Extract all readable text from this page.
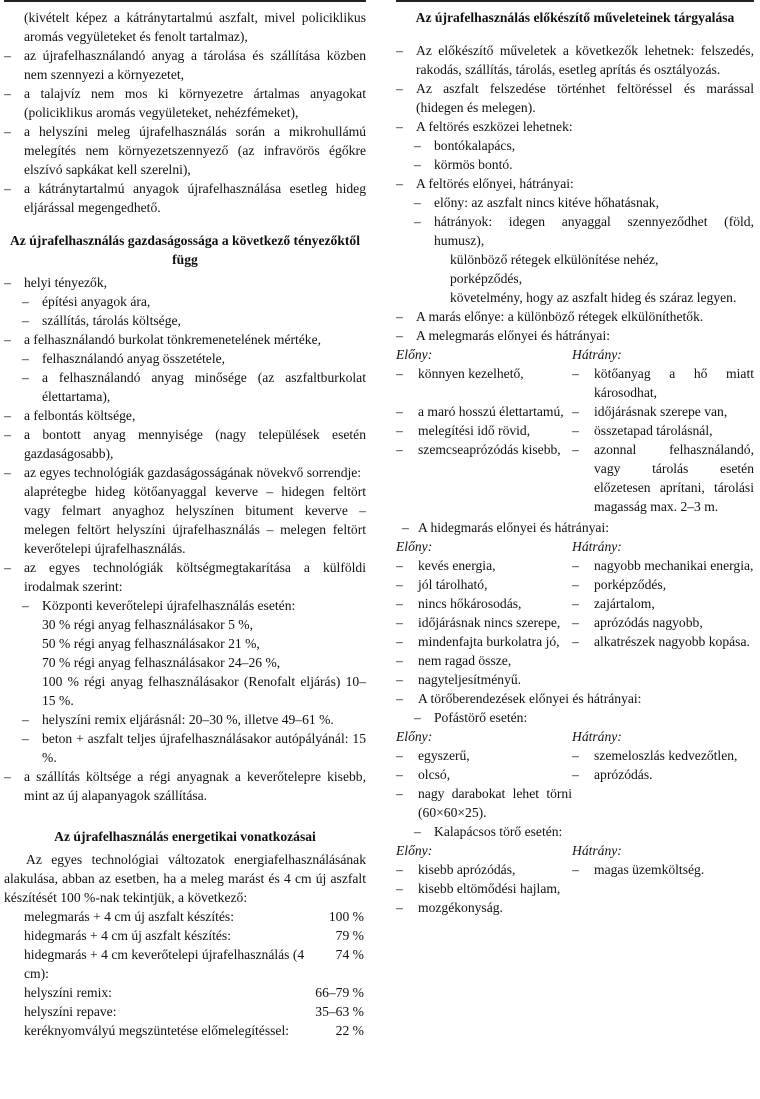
(kivételt képez a kátránytartalmú aszfalt, mivel policiklikus aromás vegyületeket és fenolt tartalmaz),

– az újrafelhasználandó anyag a tárolása és szállítása közben nem szennyezi a környezetet,

– a talajvíz nem mos ki környezetre ártalmas anyagokat (policiklikus aromás vegyületeket, nehézfémeket),

– a helyszíni meleg újrafelhasználás során a mikrohullámú melegítés nem környezetszennyező (az infravörös égőkre elszívó sapkákat kell szerelni),

– a kátránytartalmú anyagok újrafelhasználása esetleg hideg eljárással megengedhető.

Az újrafelhasználás gazdaságossága a következő tényezőktől függ

– helyi tényezők,

– építési anyagok ára,

– szállítás, tárolás költsége,

– a felhasználandó burkolat tönkremenetelének mértéke,

– felhasználandó anyag összetétele,

– a felhasználandó anyag minősége (az aszfaltburkolat élettartama),

– a felbontás költsége,

– a bontott anyag mennyisége (nagy települések esetén gazdaságosabb),

– az egyes technológiák gazdaságosságának növekvő sorrendje:

alaprétegbe hideg kötőanyaggal keverve – hidegen feltört vagy felmart anyaghoz helyszínen bitument keverve – melegen feltört helyszíni újrafelhasználás – melegen feltört keverőtelepi újrafelhasználás.

– az egyes technológiák költségmegtakarítása a külföldi irodalmak szerint:

– Központi keverőtelepi újrafelhasználás esetén:

30 % régi anyag felhasználásakor 5 %,

50 % régi anyag felhasználásakor 21 %,

70 % régi anyag felhasználásakor 24–26 %,

100 % régi anyag felhasználásakor (Renofalt eljárás) 10–15 %.

– helyszíni remix eljárásnál: 20–30 %, illetve 49–61 %.

– beton + aszfalt teljes újrafelhasználásakor autópályánál: 15 %.

– a szállítás költsége a régi anyagnak a keverőtelepre kisebb, mint az új alapanyagok szállítása.

Az újrafelhasználás energetikai vonatkozásai

Az egyes technológiai változatok energiafelhasználásának alakulása, abban az esetben, ha a meleg marást és 4 cm új aszfalt készítését 100 %-nak tekintjük, a következő:

melegmarás + 4 cm új aszfalt készítés:	100 %
hidegmarás + 4 cm új aszfalt készítés:	79 %
hidegmarás + 4 cm keverőtelepi újrafelhasználás (4 cm):	74 %
helyszíni remix:	66–79 %
helyszíni repave:	35–63 %
keréknyomvályú megszüntetése előmelegítéssel:	22 %

Az újrafelhasználás előkészítő műveleteinek tárgyalása

– Az előkészítő műveletek a következők lehetnek: felszedés, rakodás, szállítás, tárolás, esetleg aprítás és osztályozás.

– Az aszfalt felszedése történhet feltöréssel és marással (hidegen és melegen).

– A feltörés eszközei lehetnek:

– bontókalapács,

– körmös bontó.

– A feltörés előnyei, hátrányai:

– előny: az aszfalt nincs kitéve hőhatásnak,

– hátrányok: idegen anyaggal szennyeződhet (föld, humusz),

különböző rétegek elkülönítése nehéz,

porképződés,

követelmény, hogy az aszfalt hideg és száraz legyen.

– A marás előnye: a különböző rétegek elkülöníthetők.

– A melegmarás előnyei és hátrányai:

Előny:	Hátrány:

– könnyen kezelhető,	– kötőanyag a hő miatt károsodhat,

– a maró hosszú élettartamú,	– időjárásnak szerepe van,

– melegítési idő rövid,	– összetapad tárolásnál,

– szemcseaprózódás kisebb,	– azonnal felhasználandó, vagy tárolás esetén előzetesen aprítani, tárolási magasság max. 2–3 m.
– A hidegmarás előnyei és hátrányai:
Előny:	Hátrány:

– kevés energia,	– nagyobb mechanikai energia,

– jól tárolható,	– porképződés,

– nincs hőkárosodás,	– zajártalom,

– időjárásnak nincs szerepe,	– aprózódás nagyobb,

– mindenfajta burkolatra jó,	– alkatrészek nagyobb kopása.

– nem ragad össze,	

– nagyteljesítményű.	

– A törőberendezések előnyei és hátrányai:
– Pofástörő esetén:
Előny:	Hátrány:

– egyszerű,	– szemeloszlás kedvezőtlen,

– olcsó,	– aprózódás.

– nagy darabokat lehet törni (60×60×25).	

– Kalapácsos törő esetén:
Előny:	Hátrány:

– kisebb aprózódás,	– magas üzemköltség.

– kisebb eltömődési hajlam,	

– mozgékonyság.	
